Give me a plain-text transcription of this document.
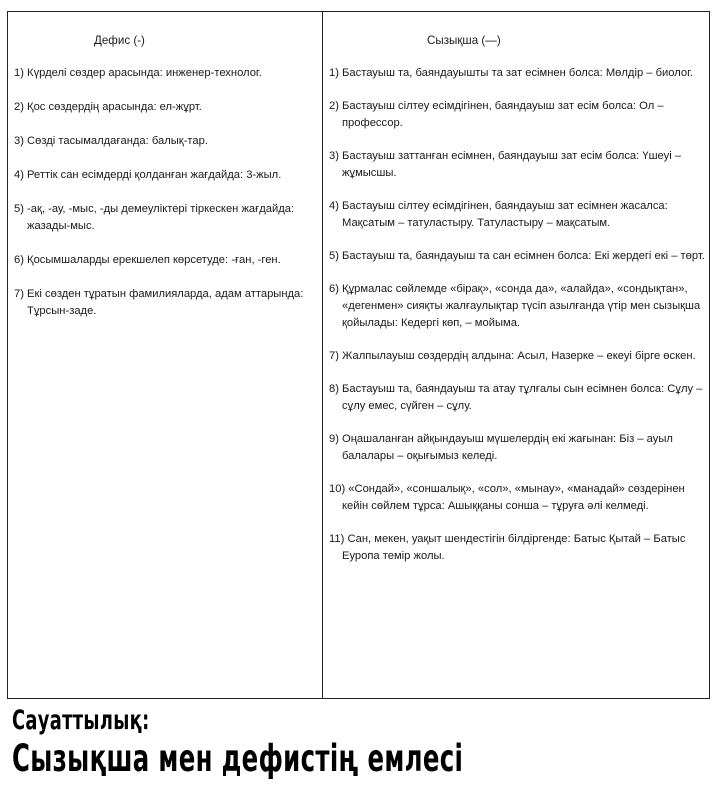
Дефис (-)
1) Күрделі сөздер арасында: инженер-технолог.
2) Қос сөздердің арасында: ел-жұрт.
3) Сөзді тасымалдағанда: балық-тар.
4) Реттік сан есімдерді қолданған жағдайда: 3-жыл.
5) -ақ, -ау, -мыс, -ды демеуліктері тіркескен жағдайда: жазады-мыс.
6) Қосымшаларды ерекшелеп көрсетуде: -ған, -ген.
7) Екі сөзден тұратын фамилияларда, адам аттарында: Тұрсын-заде.
Сызықша (—)
1) Бастауыш та, баяндауышты та зат есімнен болса: Мөлдір – биолог.
2) Бастауыш сілтеу есімдігінен, баяндауыш зат есім болса: Ол – профессор.
3) Бастауыш заттанған есімнен, баяндауыш зат есім болса: Үшеуі – жұмысшы.
4) Бастауыш сілтеу есімдігінен, баяндауыш зат есімнен жасалса: Мақсатым – татуластыру. Татуластыру – мақсатым.
5) Бастауыш та, баяндауыш та сан есімнен болса: Екі жердегі екі – төрт.
6) Құрмалас сөйлемде «бірақ», «сонда да», «алайда», «сондықтан», «дегенмен» сияқты жалғаулықтар түсіп азылғанда үтір мен сызықша қойылады: Кедергі көп, – мойыма.
7) Жалпылауыш сөздердің алдына: Асыл, Назерке – екеуі бірге өскен.
8) Бастауыш та, баяндауыш та атау тұлғалы сын есімнен болса: Сұлу – сұлу емес, сүйген – сұлу.
9) Оңашаланған айқындауыш мүшелердің екі жағынан: Біз – ауыл балалары – оқығымыз келеді.
10) «Сондай», «соншалық», «сол», «мынау», «манадай» сөздерінен кейін сөйлем тұрса: Ашыққаны сонша – тұруға әлі келмеді.
11) Сан, мекен, уақыт шендестігін білдіргенде: Батыс Қытай – Батыс Еуропа темір жолы.
Сауаттылық:
Сызықша мен дефистің емлесі
